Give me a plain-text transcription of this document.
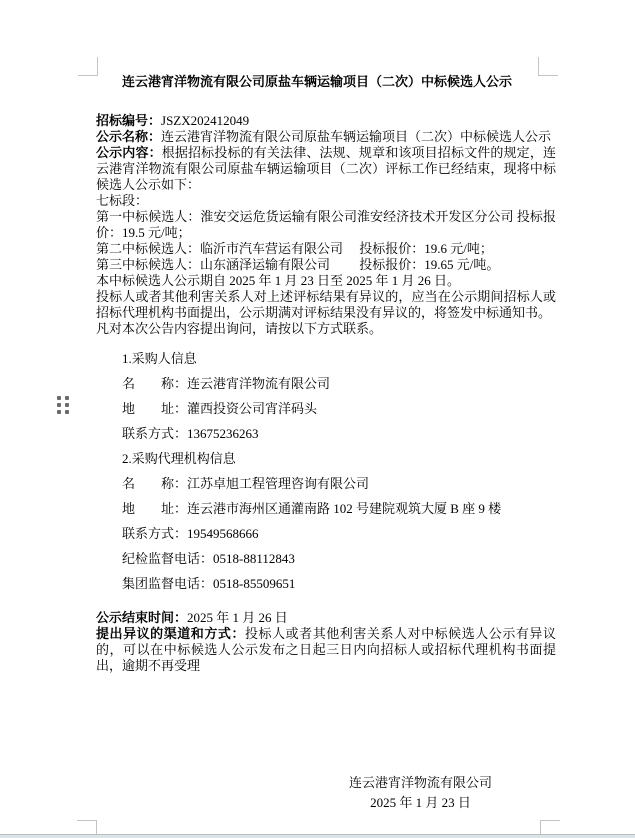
连云港宵洋物流有限公司原盐车辆运输项目（二次）中标候选人公示

招标编号：JSZX202412049

公示名称：连云港宵洋物流有限公司原盐车辆运输项目（二次）中标候选人公示

公示内容：根据招标投标的有关法律、法规、规章和该项目招标文件的规定，连云港宵洋物流有限公司原盐车辆运输项目（二次）评标工作已经结束，现将中标候选人公示如下：

七标段：

第一中标候选人：淮安交运危货运输有限公司淮安经济技术开发区分公司 投标报价：19.5 元/吨；

第二中标候选人：临沂市汽车营运有限公司　 投标报价：19.6 元/吨；

第三中标候选人：山东涵泽运输有限公司　　 投标报价：19.65 元/吨。

本中标候选人公示期自 2025 年 1 月 23 日至 2025 年 1 月 26 日。

投标人或者其他利害关系人对上述评标结果有异议的，应当在公示期间招标人或招标代理机构书面提出，公示期满对评标结果没有异议的，将签发中标通知书。

凡对本次公告内容提出询问，请按以下方式联系。

1.采购人信息
名　　称：连云港宵洋物流有限公司
地　　址：灌西投资公司宵洋码头
联系方式：13675236263
2.采购代理机构信息
名　　称：江苏卓旭工程管理咨询有限公司
地　　址：连云港市海州区通灌南路 102 号建院观筑大厦 B 座 9 楼
联系方式：19549568666
纪检监督电话：0518-88112843
集团监督电话：0518-85509651

公示结束时间：2025 年 1 月 26 日

提出异议的渠道和方式：投标人或者其他利害关系人对中标候选人公示有异议的，可以在中标候选人公示发布之日起三日内向招标人或招标代理机构书面提出，逾期不再受理

连云港宵洋物流有限公司
2025 年 1 月 23 日
